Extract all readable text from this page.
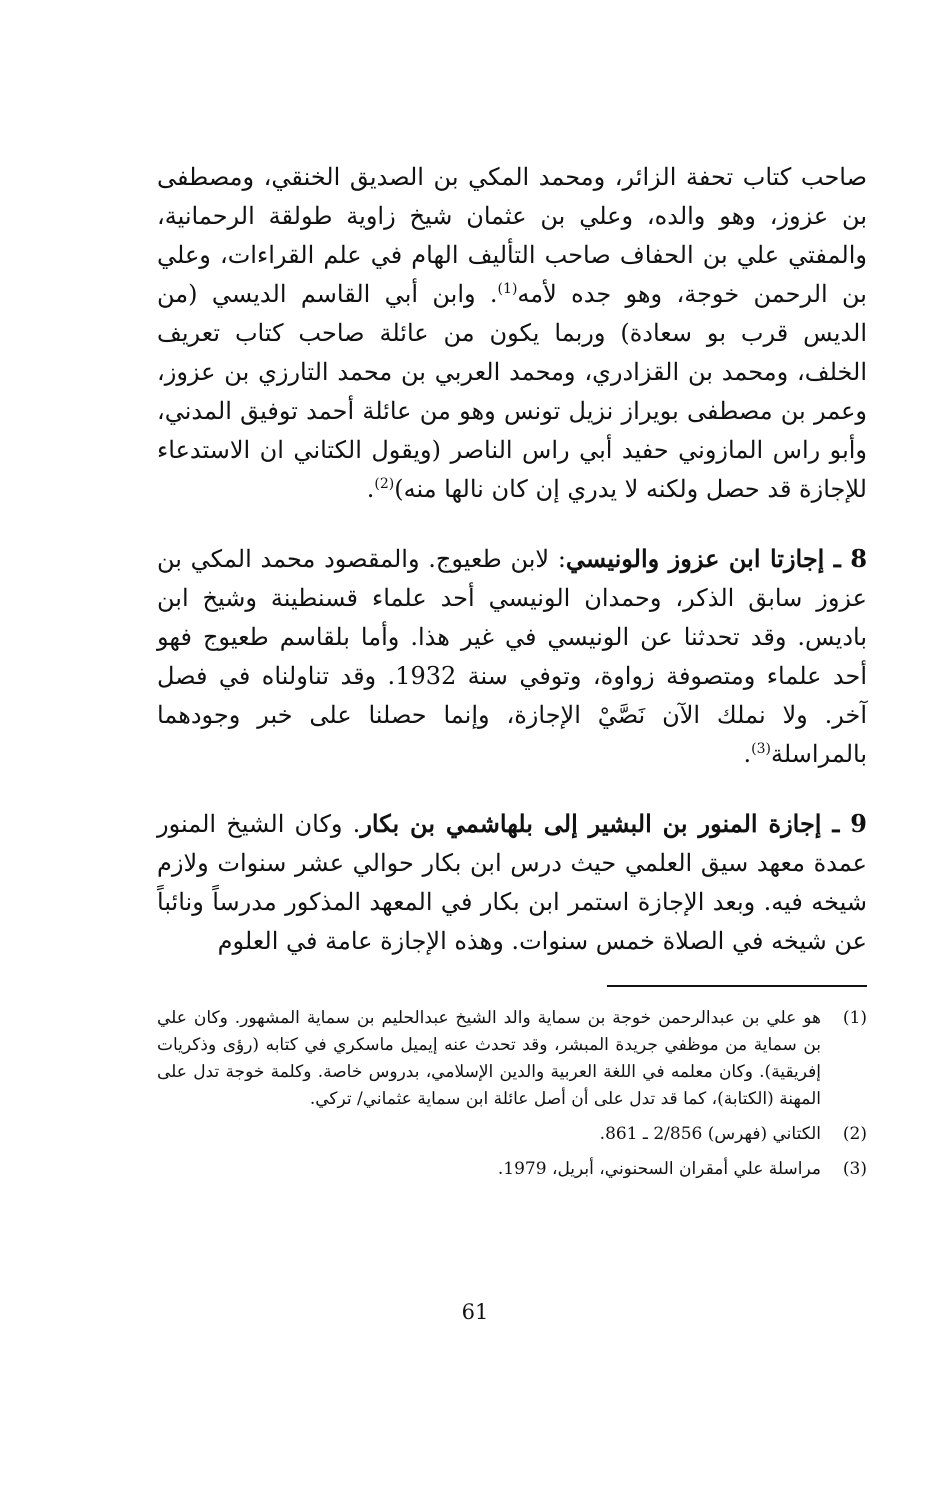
صاحب كتاب تحفة الزائر، ومحمد المكي بن الصديق الخنقي، ومصطفى بن عزوز، وهو والده، وعلي بن عثمان شيخ زاوية طولقة الرحمانية، والمفتي علي بن الحفاف صاحب التأليف الهام في علم القراءات، وعلي بن الرحمن خوجة، وهو جده لأمه$^{(1)}$. وابن أبي القاسم الديسي (من الديس قرب بو سعادة) وربما يكون من عائلة صاحب كتاب تعريف الخلف، ومحمد بن القزادري، ومحمد العربي بن محمد التارزي بن عزوز، وعمر بن مصطفى بويراز نزيل تونس وهو من عائلة أحمد توفيق المدني، وأبو راس المازوني حفيد أبي راس الناصر (ويقول الكتاني ان الاستدعاء للإجازة قد حصل ولكنه لا يدري إن كان نالها منه)$^{(2)}$.

8 ـ إجازتا ابن عزوز والونيسي: لابن طعيوج. والمقصود محمد المكي بن عزوز سابق الذكر، وحمدان الونيسي أحد علماء قسنطينة وشيخ ابن باديس. وقد تحدثنا عن الونيسي في غير هذا. وأما بلقاسم طعيوج فهو أحد علماء ومتصوفة زواوة، وتوفي سنة 1932. وقد تناولناه في فصل آخر. ولا نملك الآن نَصَّيْ الإجازة، وإنما حصلنا على خبر وجودهما بالمراسلة$^{(3)}$.

9 ـ إجازة المنور بن البشير إلى بلهاشمي بن بكار. وكان الشيخ المنور عمدة معهد سيق العلمي حيث درس ابن بكار حوالي عشر سنوات ولازم شيخه فيه. وبعد الإجازة استمر ابن بكار في المعهد المذكور مدرساً ونائباً عن شيخه في الصلاة خمس سنوات. وهذه الإجازة عامة في العلوم

(1)
هو علي بن عبدالرحمن خوجة بن سماية والد الشيخ عبدالحليم بن سماية المشهور. وكان علي بن سماية من موظفي جريدة المبشر، وقد تحدث عنه إيميل ماسكري في كتابه (رؤى وذكريات إفريقية). وكان معلمه في اللغة العربية والدين الإسلامي، بدروس خاصة. وكلمة خوجة تدل على المهنة (الكتابة)، كما قد تدل على أن أصل عائلة ابن سماية عثماني/ تركي.
(2)
الكتاني (فهرس) 2/856 ـ 861.
(3)
مراسلة علي أمقران السحنوني، أبريل، 1979.
61
